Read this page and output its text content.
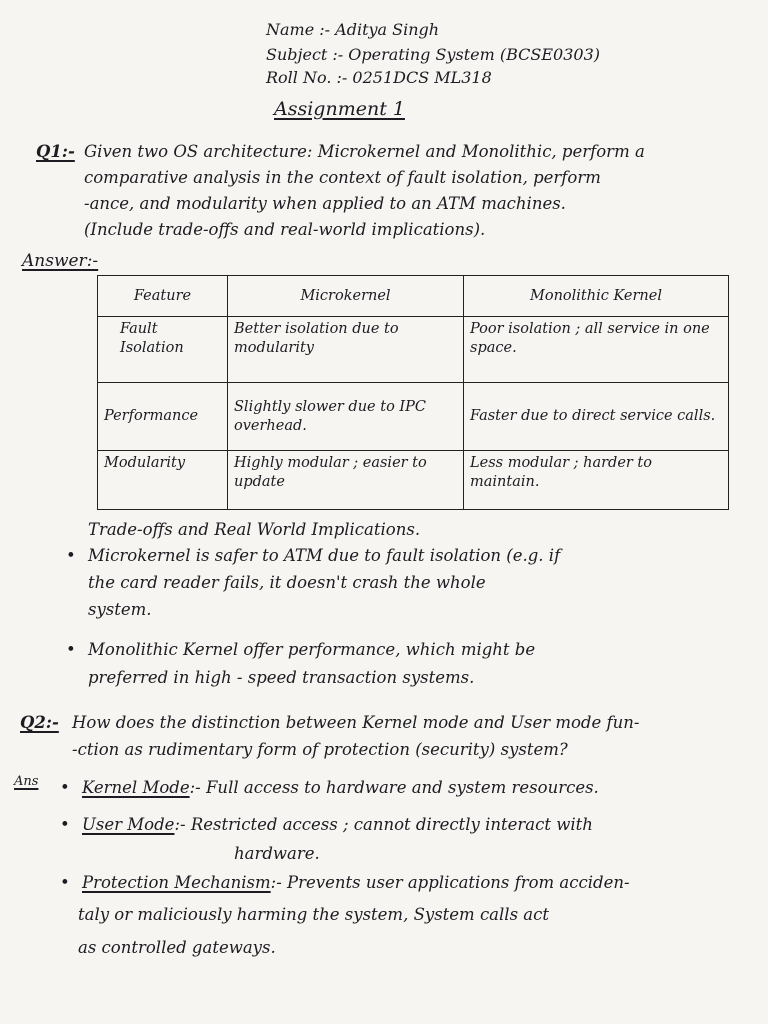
Name :- Aditya Singh
Subject :- Operating System (BCSE0303)
Roll No. :- 0251DCS ML318
Assignment 1
Q1:- Given two OS architecture: Microkernel and Monolithic, perform a
comparative analysis in the context of fault isolation, perform
-ance, and modularity when applied to an ATM machines.
(Include trade-offs and real-world implications).
Answer:-
Feature	Microkernel	Monolithic Kernel
Fault Isolation	Better isolation due to modularity	Poor isolation ; all service in one space.
Performance	Slightly slower due to IPC overhead.	Faster due to direct service calls.
Modularity	Highly modular ; easier to update	Less modular ; harder to maintain.
Trade-offs and Real World Implications.
• Microkernel is safer to ATM due to fault isolation (e.g. if
the card reader fails, it doesn't crash the whole
system.
• Monolithic Kernel offer performance, which might be
preferred in high - speed transaction systems.
Q2:- How does the distinction between Kernel mode and User mode fun-
-ction as rudimentary form of protection (security) system?
Ans	• Kernel Mode:- Full access to hardware and system resources.
• User Mode:- Restricted access ; cannot directly interact with
hardware.
• Protection Mechanism:- Prevents user applications from acciden-
taly or maliciously harming the system, System calls act
as controlled gateways.
